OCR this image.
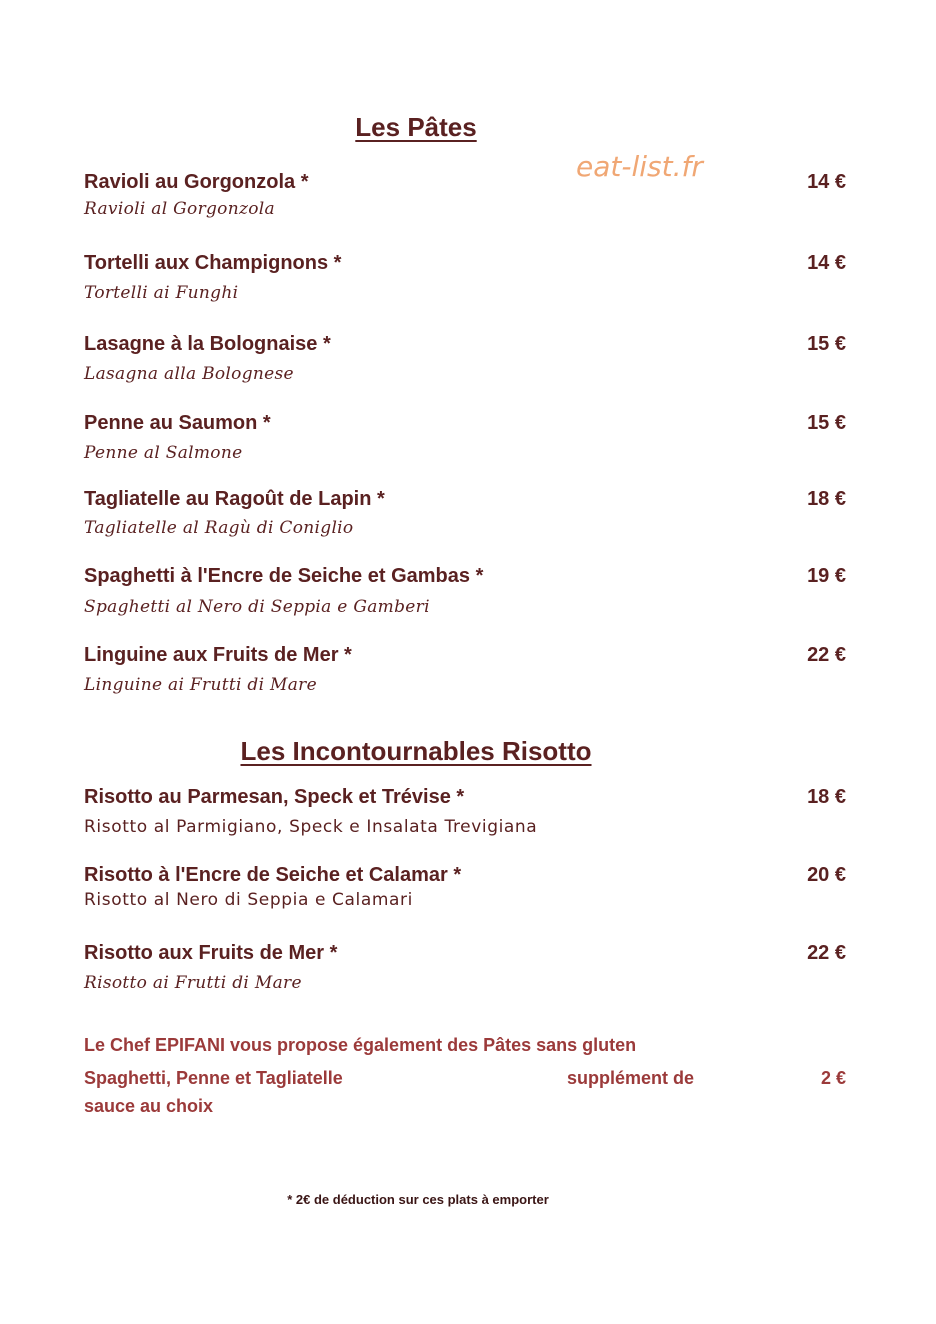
Les Pâtes
eat-list.fr
Ravioli au Gorgonzola *	14 €
Ravioli al Gorgonzola
Tortelli aux Champignons *	14 €
Tortelli ai Funghi
Lasagne à la Bolognaise *	15 €
Lasagna alla Bolognese
Penne au Saumon *	15 €
Penne al Salmone
Tagliatelle au Ragoût de Lapin *	18 €
Tagliatelle al Ragù di Coniglio
Spaghetti à l'Encre de Seiche et Gambas *	19 €
Spaghetti al Nero di Seppia e Gamberi
Linguine aux Fruits de Mer *	22 €
Linguine ai Frutti di Mare
Les Incontournables Risotto
Risotto au Parmesan, Speck et Trévise *	18 €
Risotto al Parmigiano, Speck e Insalata Trevigiana
Risotto à l'Encre de Seiche et Calamar *	20 €
Risotto al Nero di Seppia e Calamari
Risotto aux Fruits de Mer *	22 €
Risotto ai Frutti di Mare
Le Chef EPIFANI vous propose également des Pâtes sans gluten
Spaghetti, Penne et Tagliatelle	supplément de	2 €
sauce au choix
* 2€ de déduction sur ces plats à emporter
